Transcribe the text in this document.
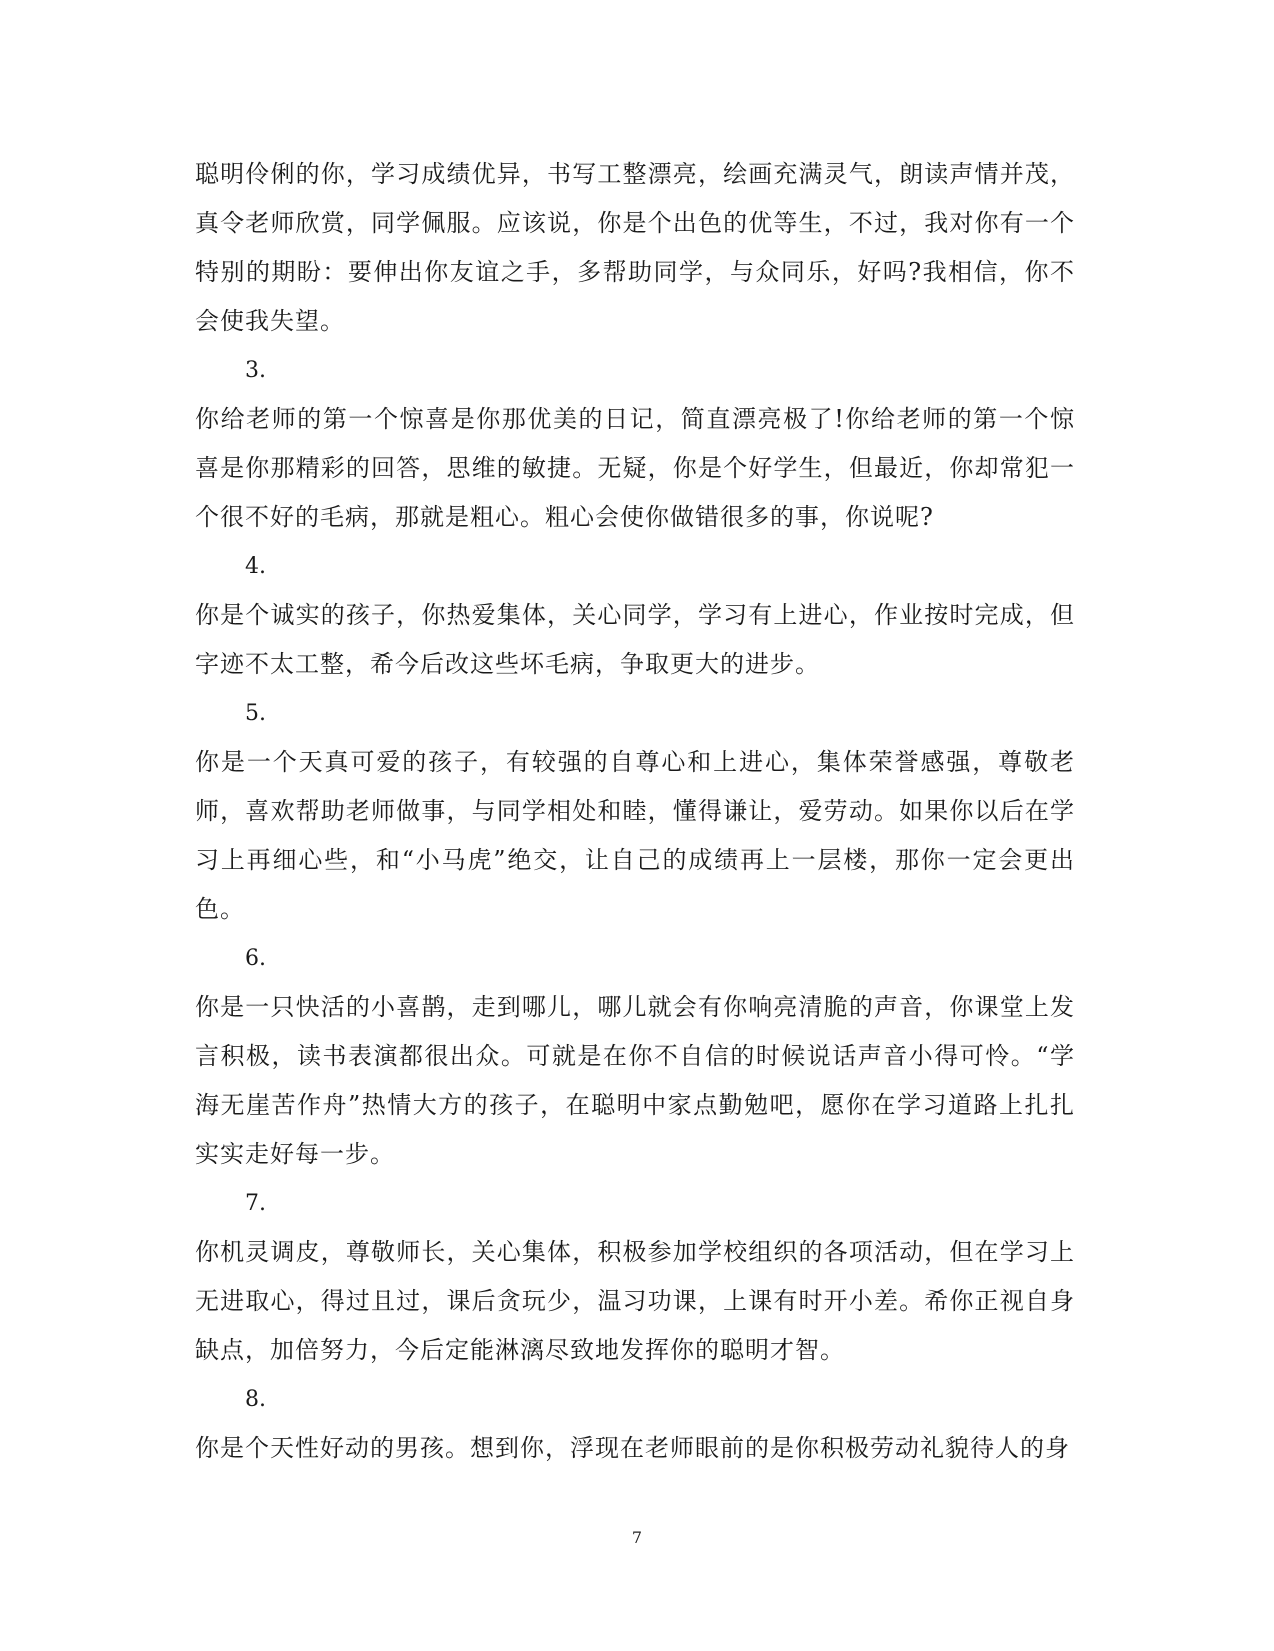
聪明伶俐的你，学习成绩优异，书写工整漂亮，绘画充满灵气，朗读声情并茂，真令老师欣赏，同学佩服。应该说，你是个出色的优等生，不过，我对你有一个特别的期盼：要伸出你友谊之手，多帮助同学，与众同乐，好吗?我相信，你不会使我失望。

3.

你给老师的第一个惊喜是你那优美的日记，简直漂亮极了!你给老师的第一个惊喜是你那精彩的回答，思维的敏捷。无疑，你是个好学生，但最近，你却常犯一个很不好的毛病，那就是粗心。粗心会使你做错很多的事，你说呢?

4.

你是个诚实的孩子，你热爱集体，关心同学，学习有上进心，作业按时完成，但字迹不太工整，希今后改这些坏毛病，争取更大的进步。

5.

你是一个天真可爱的孩子，有较强的自尊心和上进心，集体荣誉感强，尊敬老师，喜欢帮助老师做事，与同学相处和睦，懂得谦让，爱劳动。如果你以后在学习上再细心些，和“小马虎”绝交，让自己的成绩再上一层楼，那你一定会更出色。

6.

你是一只快活的小喜鹊，走到哪儿，哪儿就会有你响亮清脆的声音，你课堂上发言积极，读书表演都很出众。可就是在你不自信的时候说话声音小得可怜。“学海无崖苦作舟”热情大方的孩子，在聪明中家点勤勉吧，愿你在学习道路上扎扎实实走好每一步。

7.

你机灵调皮，尊敬师长，关心集体，积极参加学校组织的各项活动，但在学习上无进取心，得过且过，课后贪玩少，温习功课，上课有时开小差。希你正视自身缺点，加倍努力，今后定能淋漓尽致地发挥你的聪明才智。

8.

你是个天性好动的男孩。想到你，浮现在老师眼前的是你积极劳动礼貌待人的身

7
